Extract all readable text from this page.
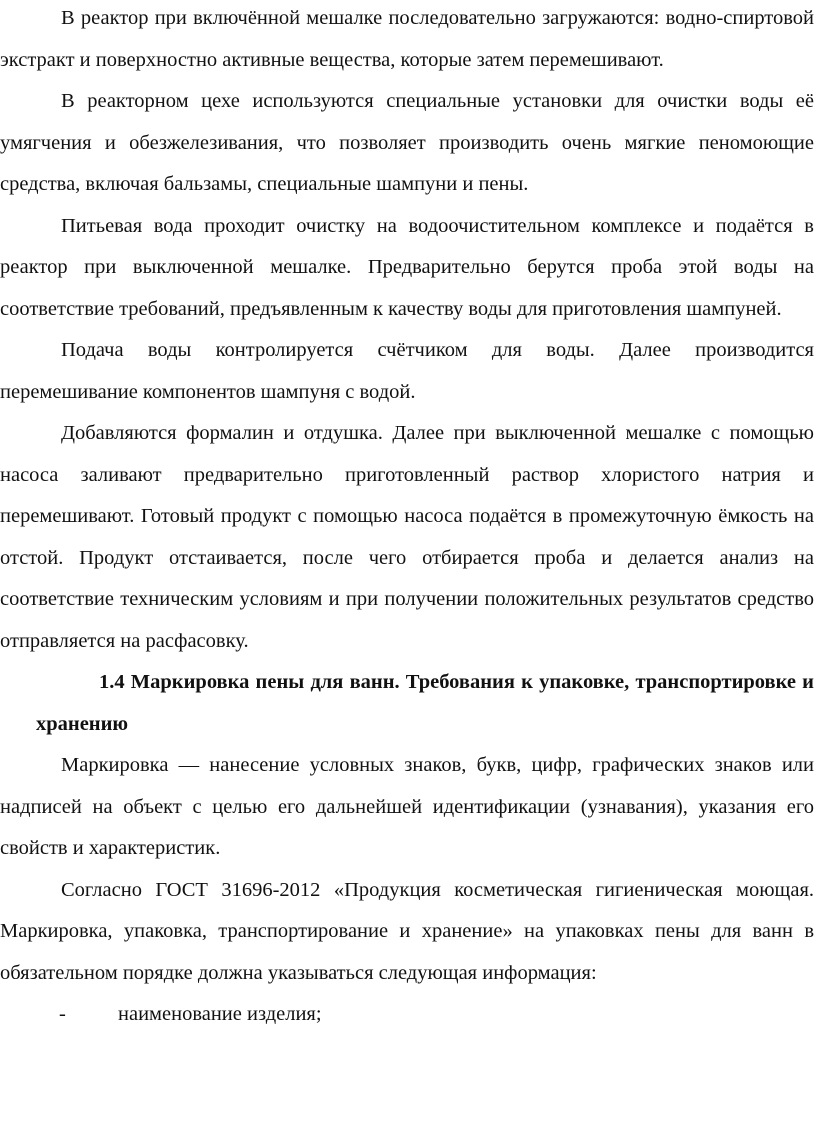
В реактор при включённой мешалке последовательно загружаются: водно-спиртовой экстракт и поверхностно активные вещества, которые затем перемешивают.

В реакторном цехе используются специальные установки для очистки воды её умягчения и обезжелезивания, что позволяет производить очень мягкие пеномоющие средства, включая бальзамы, специальные шампуни и пены.

Питьевая вода проходит очистку на водоочистительном комплексе и подаётся в реактор при выключенной мешалке. Предварительно берутся проба этой воды на соответствие требований, предъявленным к качеству воды для приготовления шампуней.

Подача воды контролируется счётчиком для воды. Далее производится перемешивание компонентов шампуня с водой.

Добавляются формалин и отдушка. Далее при выключенной мешалке с помощью насоса заливают предварительно приготовленный раствор хлористого натрия и перемешивают. Готовый продукт с помощью насоса подаётся в промежуточную ёмкость на отстой. Продукт отстаивается, после чего отбирается проба и делается анализ на соответствие техническим условиям и при получении положительных результатов средство отправляется на расфасовку.

1.4 Маркировка пены для ванн. Требования к упаковке, транспортировке и хранению

Маркировка — нанесение условных знаков, букв, цифр, графических знаков или надписей на объект с целью его дальнейшей идентификации (узнавания), указания его свойств и характеристик.

Согласно ГОСТ 31696-2012 «Продукция косметическая гигиеническая моющая. Маркировка, упаковка, транспортирование и хранение» на упаковках пены для ванн в обязательном порядке должна указываться следующая информация:

-	наименование изделия;
